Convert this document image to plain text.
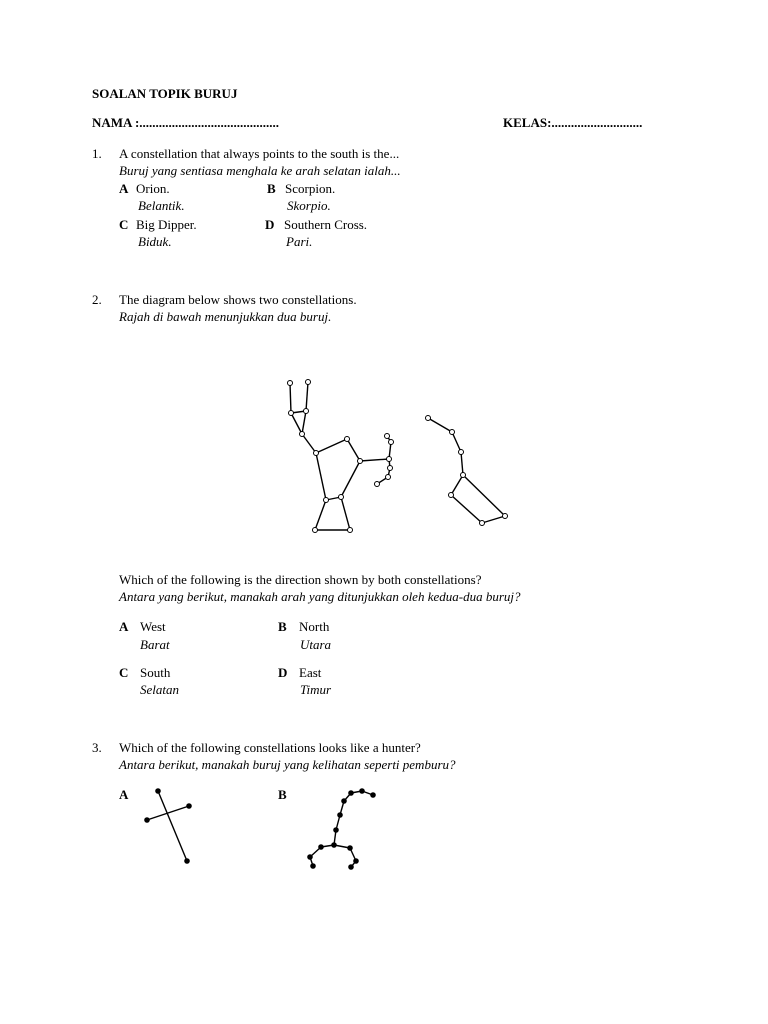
SOALAN TOPIK BURUJ
NAMA :...........................................	KELAS:............................
1. A constellation that always points to the south is the...
Buruj yang sentiasa menghala ke arah selatan ialah...
A Orion.
Belantik.
B Scorpion.
Skorpio.
C Big Dipper.
Biduk.
D Southern Cross.
Pari.
2. The diagram below shows two constellations.
Rajah di bawah menunjukkan dua buruj.
Which of the following is the direction shown by both constellations?
Antara yang berikut, manakah arah yang ditunjukkan oleh kedua-dua buruj?
A West
Barat
B North
Utara
C South
Selatan
D East
Timur
3. Which of the following constellations looks like a hunter?
Antara berikut, manakah buruj yang kelihatan seperti pemburu?
A	B
